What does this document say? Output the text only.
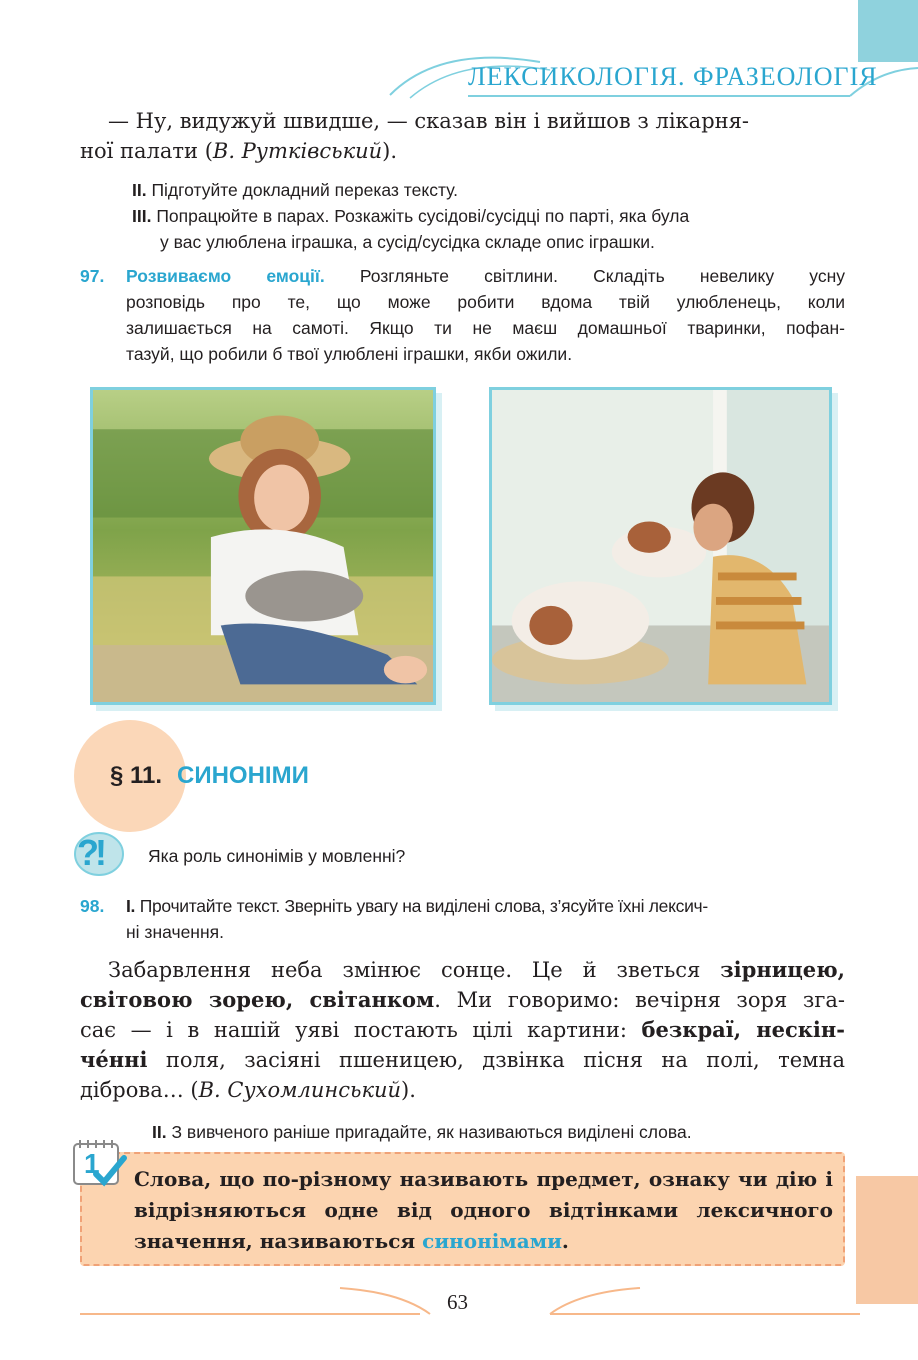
ЛЕКСИКОЛОГІЯ. ФРАЗЕОЛОГІЯ
— Ну, видужуй швидше, — сказав він і вийшов з лікарня-
ної палати (В. Рутківський).
II. Підготуйте докладний переказ тексту.
III. Попрацюйте в парах. Розкажіть сусідові/сусідці по парті, яка була
у вас улюблена іграшка, а сусід/сусідка складе опис іграшки.
97.	Розвиваємо емоції. Розгляньте світлини. Складіть невелику усну
розповідь про те, що може робити вдома твій улюбленець, коли
залишається на самоті. Якщо ти не маєш домашньої тваринки, пофан-
тазуй, що робили б твої улюблені іграшки, якби ожили.
§ 11. СИНОНІМИ
?!	Яка роль синонімів у мовленні?
98.	I. Прочитайте текст. Зверніть увагу на виділені слова, з’ясуйте їхні лексич-
ні значення.
Забарвлення неба змінює сонце. Це й зветься зірницею,
світовою зорею, світанком. Ми говоримо: вечірня зоря зга-
сає — і в нашій уяві постають цілі картини: безкраї, нескін-
че́нні поля, засіяні пшеницею, дзвінка пісня на полі, темна
діброва… (В. Сухомлинський).
II. З вивченого раніше пригадайте, як називаються виділені слова.
Слова, що по-різному називають предмет, ознаку чи дію і відрізняються одне від одного відтінками лексичного значення, називаються синонімами.
1
63
